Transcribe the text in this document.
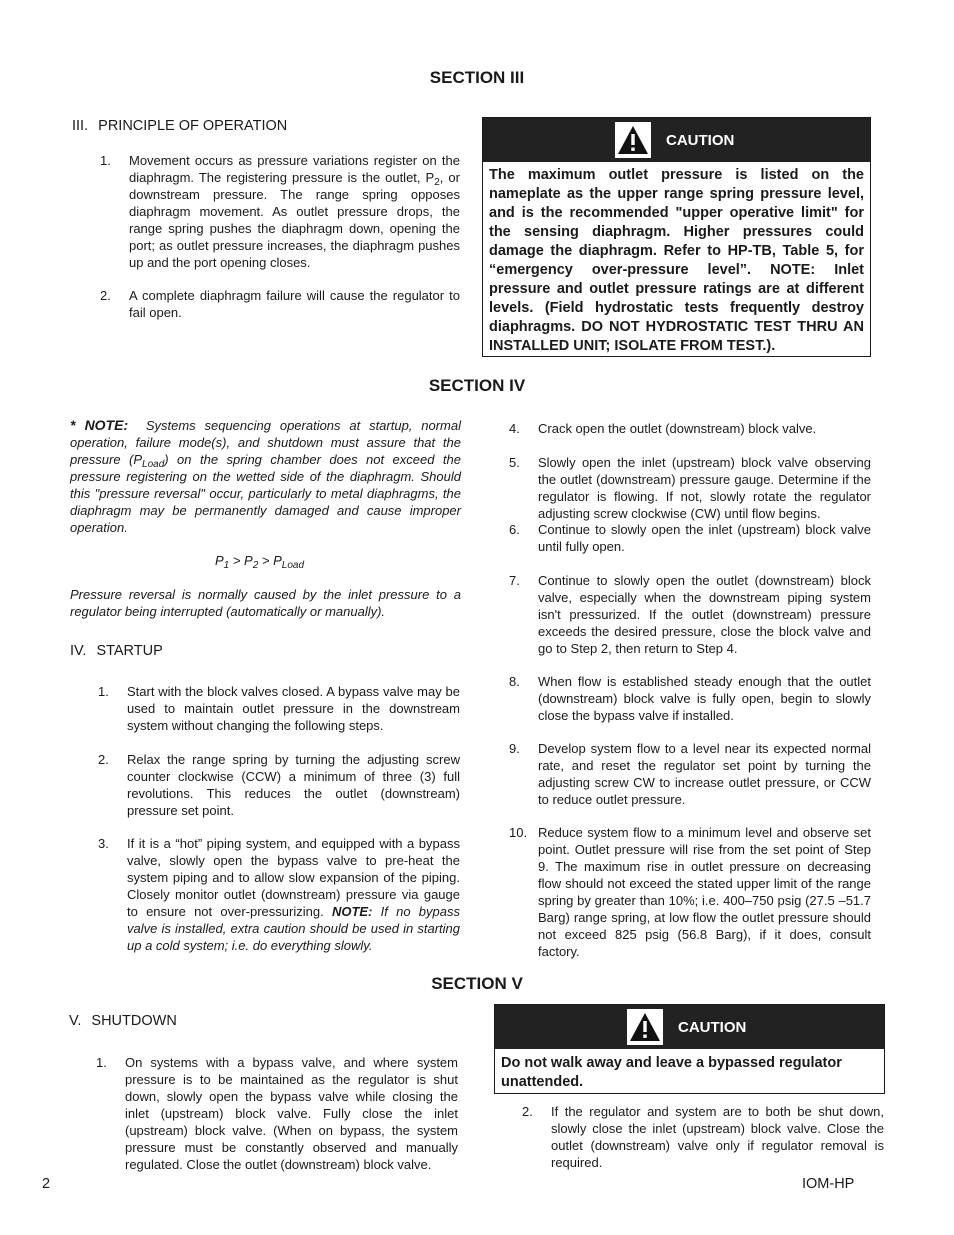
SECTION III
III. PRINCIPLE OF OPERATION
1. Movement occurs as pressure variations register on the diaphragm. The registering pressure is the outlet, $P_2$, or downstream pressure. The range spring opposes diaphragm movement. As outlet pressure drops, the range spring pushes the diaphragm down, opening the port; as outlet pressure increases, the diaphragm pushes up and the port opening closes.
2. A complete diaphragm failure will cause the regulator to fail open.
CAUTION
The maximum outlet pressure is listed on the nameplate as the upper range spring pressure level, and is the recommended "upper operative limit" for the sensing diaphragm. Higher pressures could damage the diaphragm. Refer to HP-TB, Table 5, for “emergency over-pressure level”. NOTE: Inlet pressure and outlet pressure ratings are at different levels. (Field hydrostatic tests frequently destroy diaphragms. DO NOT HYDROSTATIC TEST THRU AN INSTALLED UNIT; ISOLATE FROM TEST.).
SECTION IV
* NOTE: Systems sequencing operations at startup, normal operation, failure mode(s), and shutdown must assure that the pressure $(P_{Load})$ on the spring chamber does not exceed the pressure registering on the wetted side of the diaphragm. Should this "pressure reversal" occur, particularly to metal diaphragms, the diaphragm may be permanently damaged and cause improper operation.
$P_1 > P_2 > P_{Load}$
Pressure reversal is normally caused by the inlet pressure to a regulator being interrupted (automatically or manually).
IV. STARTUP
1. Start with the block valves closed. A bypass valve may be used to maintain outlet pressure in the downstream system without changing the following steps.
2. Relax the range spring by turning the adjusting screw counter clockwise (CCW) a minimum of three (3) full revolutions. This reduces the outlet (downstream) pressure set point.
3. If it is a “hot” piping system, and equipped with a bypass valve, slowly open the bypass valve to pre-heat the system piping and to allow slow expansion of the piping. Closely monitor outlet (downstream) pressure via gauge to ensure not over-pressurizing. NOTE: If no bypass valve is installed, extra caution should be used in starting up a cold system; i.e. do everything slowly.
4. Crack open the outlet (downstream) block valve.
5. Slowly open the inlet (upstream) block valve observing the outlet (downstream) pressure gauge. Determine if the regulator is flowing. If not, slowly rotate the regulator adjusting screw clockwise (CW) until flow begins.
6. Continue to slowly open the inlet (upstream) block valve until fully open.
7. Continue to slowly open the outlet (downstream) block valve, especially when the downstream piping system isn't pressurized. If the outlet (downstream) pressure exceeds the desired pressure, close the block valve and go to Step 2, then return to Step 4.
8. When flow is established steady enough that the outlet (downstream) block valve is fully open, begin to slowly close the bypass valve if installed.
9. Develop system flow to a level near its expected normal rate, and reset the regulator set point by turning the adjusting screw CW to increase outlet pressure, or CCW to reduce outlet pressure.
10. Reduce system flow to a minimum level and observe set point. Outlet pressure will rise from the set point of Step 9. The maximum rise in outlet pressure on decreasing flow should not exceed the stated upper limit of the range spring by greater than 10%; i.e. 400–750 psig (27.5 –51.7 Barg) range spring, at low flow the outlet pressure should not exceed 825 psig (56.8 Barg), if it does, consult factory.
SECTION V
V. SHUTDOWN
1. On systems with a bypass valve, and where system pressure is to be maintained as the regulator is shut down, slowly open the bypass valve while closing the inlet (upstream) block valve. Fully close the inlet (upstream) block valve. (When on bypass, the system pressure must be constantly observed and manually regulated. Close the outlet (downstream) block valve.
CAUTION
Do not walk away and leave a bypassed regulator unattended.
2. If the regulator and system are to both be shut down, slowly close the inlet (upstream) block valve. Close the outlet (downstream) valve only if regulator removal is required.
2	IOM-HP
